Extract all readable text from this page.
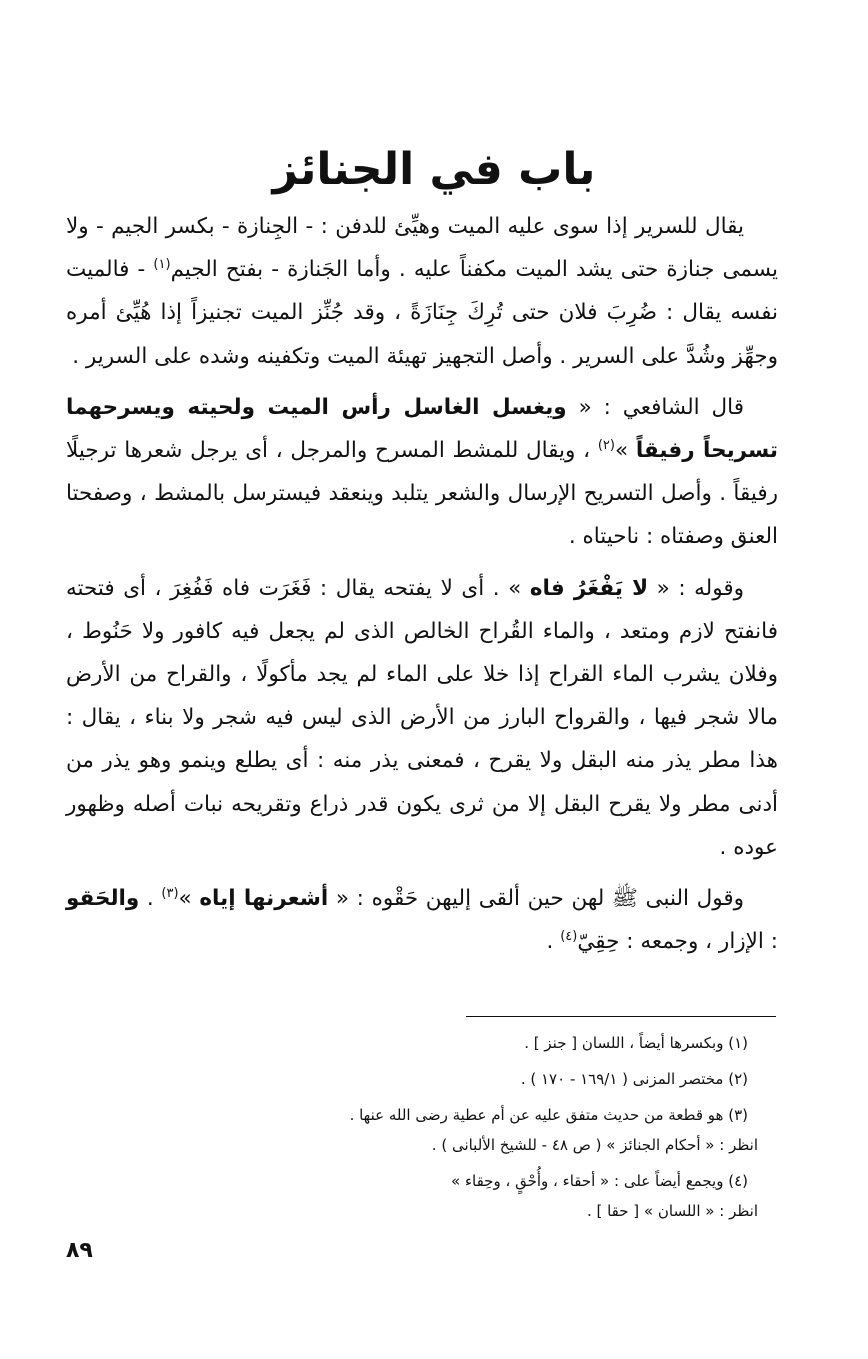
باب في الجنائز

يقال للسرير إذا سوى عليه الميت وهيِّئ للدفن : - الجِنازة - بكسر الجيم - ولا يسمى جنازة حتى يشد الميت مكفناً عليه . وأما الجَنازة - بفتح الجيم$^{(١)}$ - فالميت نفسه يقال : ضُرِبَ فلان حتى تُرِكَ جِنَازَةً ، وقد جُنِّز الميت تجنيزاً إذا هُيِّئ أمره وجهِّز وشُدَّ على السرير . وأصل التجهيز تهيئة الميت وتكفينه وشده على السرير .

قال الشافعي : « ويغسل الغاسل رأس الميت ولحيته ويسرحهما تسريحاً رفيقاً »$^{(٢)}$ ، ويقال للمشط المسرح والمرجل ، أى يرجل شعرها ترجيلًا رفيقاً . وأصل التسريح الإرسال والشعر يتلبد وينعقد فيسترسل بالمشط ، وصفحتا العنق وصفتاه : ناحيتاه .

وقوله : « لا يَفْغَرُ فاه » . أى لا يفتحه يقال : فَغَرَت فاه فَفُغِرَ ، أى فتحته فانفتح لازم ومتعد ، والماء القُراح الخالص الذى لم يجعل فيه كافور ولا حَنُوط ، وفلان يشرب الماء القراح إذا خلا على الماء لم يجد مأكولًا ، والقراح من الأرض مالا شجر فيها ، والقرواح البارز من الأرض الذى ليس فيه شجر ولا بناء ، يقال : هذا مطر يذر منه البقل ولا يقرح ، فمعنى يذر منه : أى يطلع وينمو وهو يذر من أدنى مطر ولا يقرح البقل إلا من ثرى يكون قدر ذراع وتقريحه نبات أصله وظهور عوده .

وقول النبى ﷺ لهن حين ألقى إليهن حَقْوه : « أشعرنها إياه »$^{(٣)}$ . والحَقو : الإزار ، وجمعه : حِقِيّ$^{(٤)}$ .

(١) وبكسرها أيضاً ، اللسان [ جنز ] .
(٢) مختصر المزنى ( ١٦٩/١ - ١٧٠ ) .
(٣) هو قطعة من حديث متفق عليه عن أم عطية رضى الله عنها .
انظر : « أحكام الجنائز » ( ص ٤٨ - للشيخ الألبانى ) .
(٤) ويجمع أيضاً على : « أحقاء ، وأُحْقٍ ، وحِقاء »
انظر : « اللسان » [ حقا ] .
٨٩
